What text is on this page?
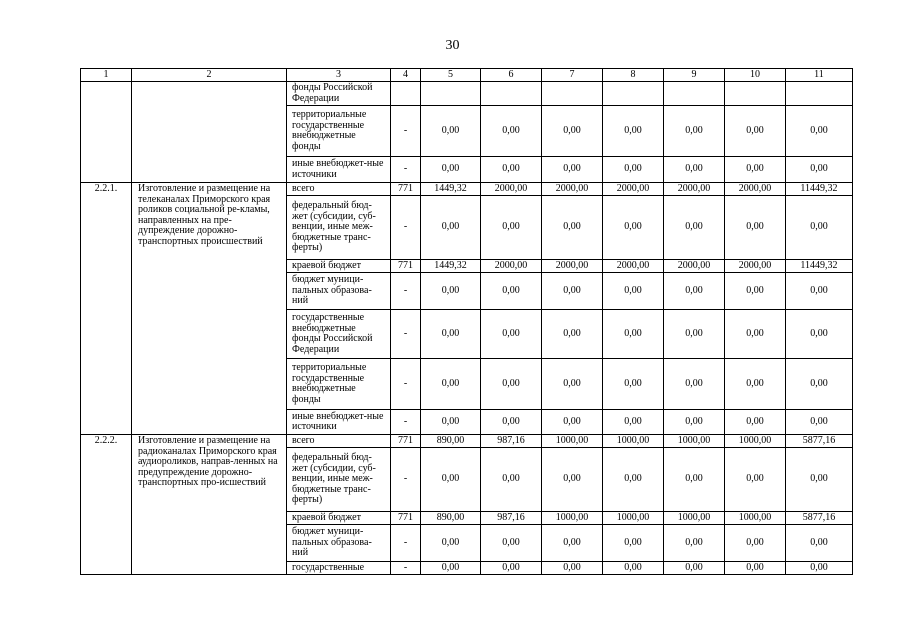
30
1	2	3	4	5	6	7	8	9	10	11
		фонды Российской Федерации								
		территориальные государственные внебюджетные фонды	-	0,00	0,00	0,00	0,00	0,00	0,00	0,00
		иные внебюджет-ные источники	-	0,00	0,00	0,00	0,00	0,00	0,00	0,00
2.2.1.	Изготовление и размещение на телеканалах Приморского края роликов социальной ре-кламы, направленных на пре-дупреждение дорожно-транспортных происшествий	всего	771	1449,32	2000,00	2000,00	2000,00	2000,00	2000,00	11449,32
		федеральный бюд-жет (субсидии, суб-венции, иные меж-бюджетные транс-ферты)	-	0,00	0,00	0,00	0,00	0,00	0,00	0,00
		краевой бюджет	771	1449,32	2000,00	2000,00	2000,00	2000,00	2000,00	11449,32
		бюджет муници-пальных образова-ний	-	0,00	0,00	0,00	0,00	0,00	0,00	0,00
		государственные внебюджетные фонды Российской Федерации	-	0,00	0,00	0,00	0,00	0,00	0,00	0,00
		территориальные государственные внебюджетные фонды	-	0,00	0,00	0,00	0,00	0,00	0,00	0,00
		иные внебюджет-ные источники	-	0,00	0,00	0,00	0,00	0,00	0,00	0,00
2.2.2.	Изготовление и размещение на радиоканалах Приморского края аудиороликов, направ-ленных на предупреждение дорожно-транспортных про-исшествий	всего	771	890,00	987,16	1000,00	1000,00	1000,00	1000,00	5877,16
		федеральный бюд-жет (субсидии, суб-венции, иные меж-бюджетные транс-ферты)	-	0,00	0,00	0,00	0,00	0,00	0,00	0,00
		краевой бюджет	771	890,00	987,16	1000,00	1000,00	1000,00	1000,00	5877,16
		бюджет муници-пальных образова-ний	-	0,00	0,00	0,00	0,00	0,00	0,00	0,00
		государственные	-	0,00	0,00	0,00	0,00	0,00	0,00	0,00
